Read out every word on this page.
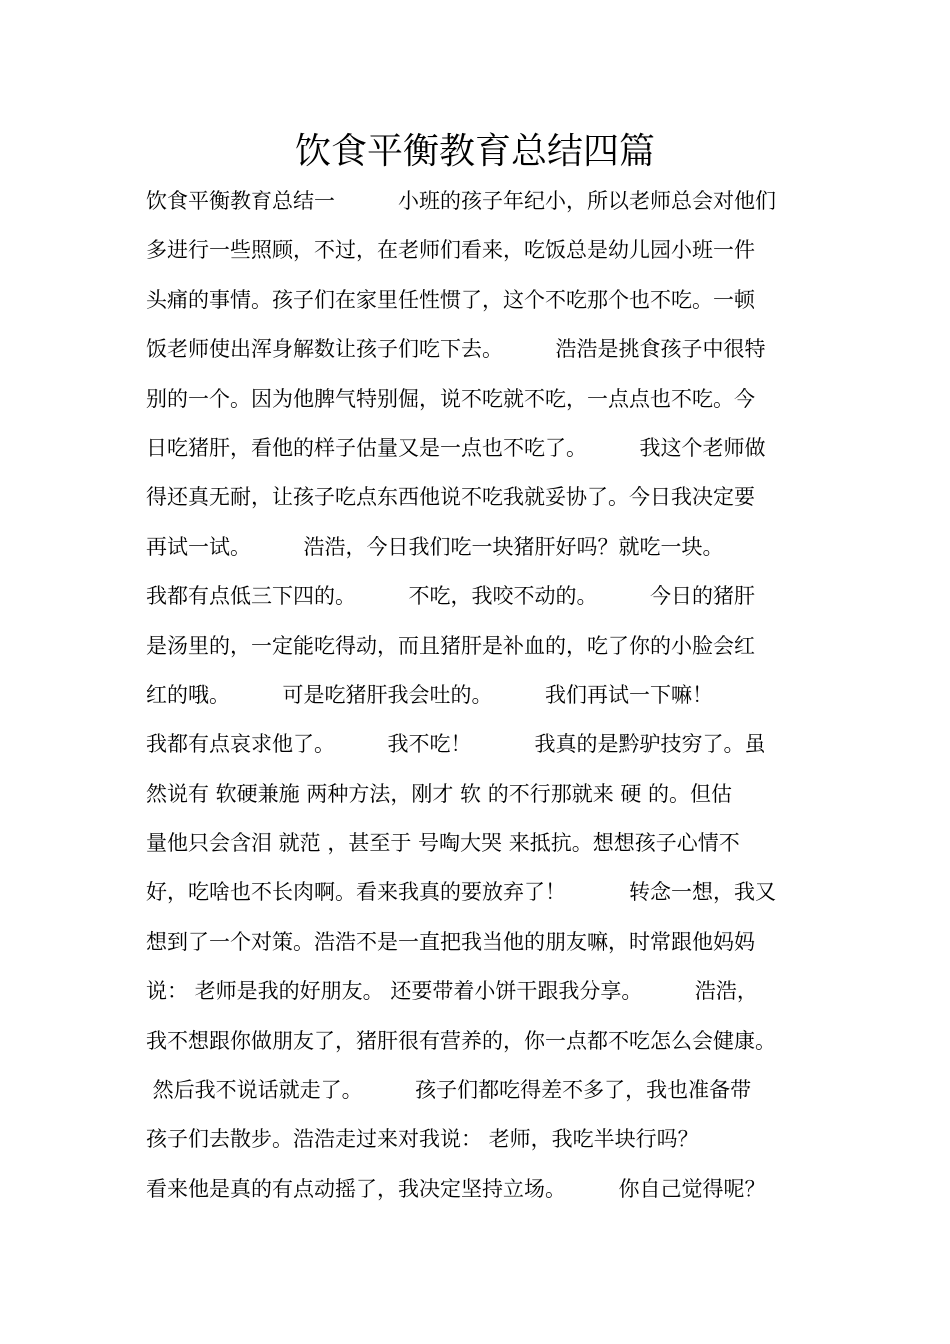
饮食平衡教育总结四篇
饮食平衡教育总结一　　　小班的孩子年纪小，所以老师总会对他们
多进行一些照顾，不过，在老师们看来，吃饭总是幼儿园小班一件
头痛的事情。孩子们在家里任性惯了，这个不吃那个也不吃。一顿
饭老师使出浑身解数让孩子们吃下去。　　　浩浩是挑食孩子中很特
别的一个。因为他脾气特别倔，说不吃就不吃，一点点也不吃。今
日吃猪肝，看他的样子估量又是一点也不吃了。　　　我这个老师做
得还真无耐，让孩子吃点东西他说不吃我就妥协了。今日我决定要
再试一试。　　　浩浩，今日我们吃一块猪肝好吗？就吃一块。
我都有点低三下四的。　　　不吃，我咬不动的。　　　今日的猪肝
是汤里的，一定能吃得动，而且猪肝是补血的，吃了你的小脸会红
红的哦。　　　可是吃猪肝我会吐的。　　　我们再试一下嘛！
我都有点哀求他了。　　　我不吃！　　　我真的是黔驴技穷了。虽
然说有 软硬兼施 两种方法，刚才 软 的不行那就来 硬 的。但估
量他只会含泪 就范 ，甚至于 号啕大哭 来抵抗。想想孩子心情不
好，吃啥也不长肉啊。看来我真的要放弃了！　　　转念一想，我又
想到了一个对策。浩浩不是一直把我当他的朋友嘛，时常跟他妈妈
说： 老师是我的好朋友。 还要带着小饼干跟我分享。　　　浩浩，
我不想跟你做朋友了，猪肝很有营养的，你一点都不吃怎么会健康。
然后我不说话就走了。　　　孩子们都吃得差不多了，我也准备带
孩子们去散步。浩浩走过来对我说： 老师，我吃半块行吗？
看来他是真的有点动摇了，我决定坚持立场。　　　你自己觉得呢？
